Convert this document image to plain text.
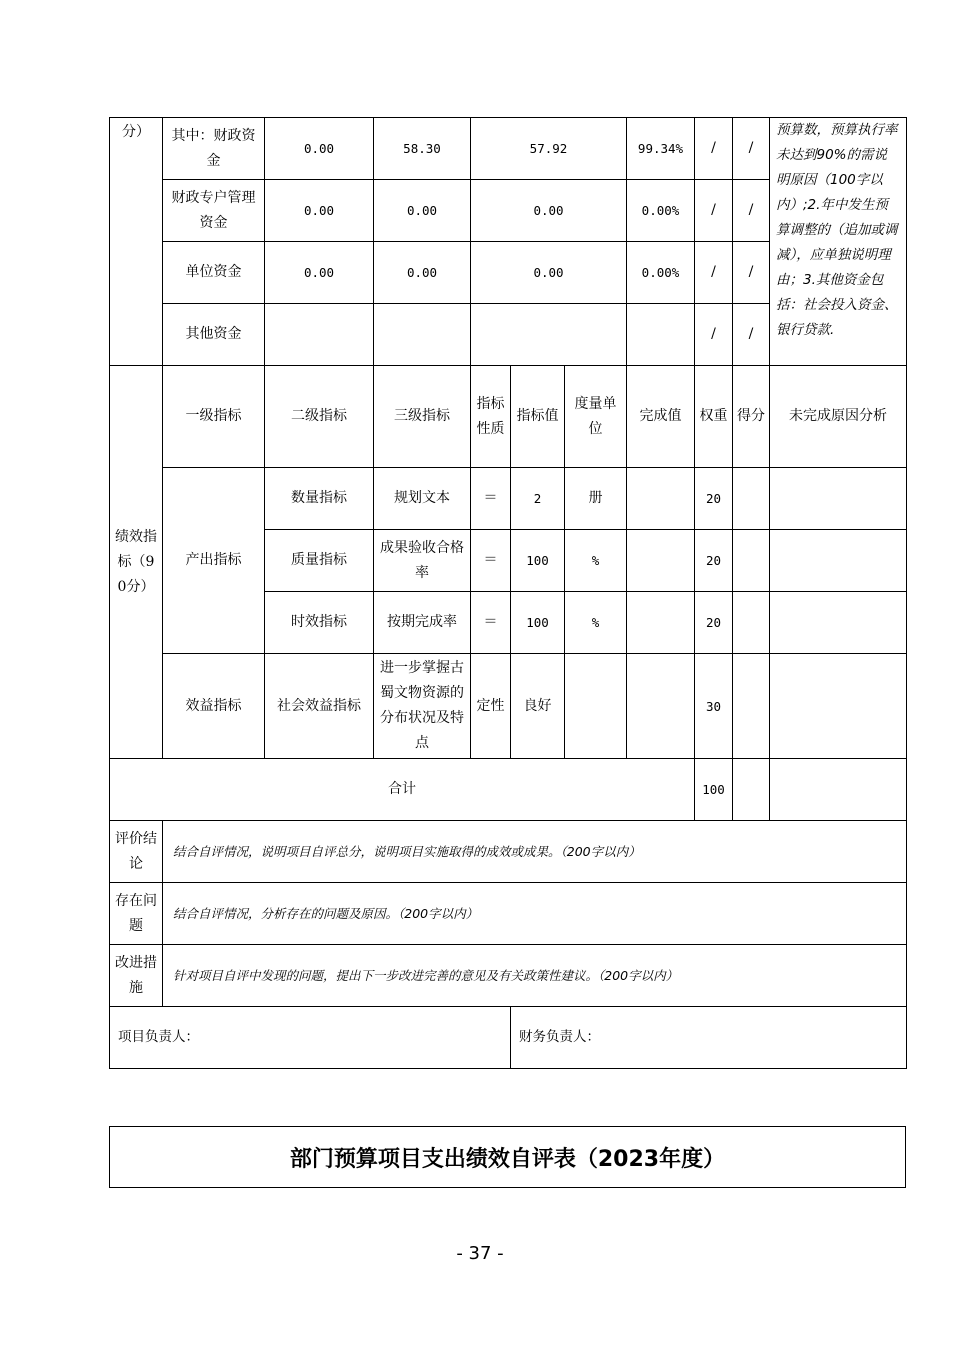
分）	其中：财政资金	0.00	58.30	57.92			99.34%	/	/	预算数，预算执行率未达到90%的需说明原因（100字以内）;2.年中发生预算调整的（追加或调减），应单独说明理由；3.其他资金包括：社会投入资金、银行贷款.
	财政专户管理资金	0.00	0.00	0.00			0.00%	/	/	
	单位资金	0.00	0.00	0.00			0.00%	/	/	
	其他资金							/	/	
绩效指标（90分）	一级指标	二级指标	三级指标	指标性质	指标值	度量单位	完成值	权重	得分	未完成原因分析
	产出指标	数量指标	规划文本	＝	2	册		20		
		质量指标	成果验收合格率	＝	100	%		20		
		时效指标	按期完成率	＝	100	%		20		
	效益指标	社会效益指标	进一步掌握古蜀文物资源的分布状况及特点	定性	良好			30		
合计								100		
评价结论	结合自评情况，说明项目自评总分，说明项目实施取得的成效或成果。（200字以内）									
存在问题	结合自评情况，分析存在的问题及原因。（200字以内）									
改进措施	针对项目自评中发现的问题，提出下一步改进完善的意见及有关政策性建议。（200字以内）									
项目负责人：					财务负责人：					
部门预算项目支出绩效自评表（2023年度）
- 37 -
